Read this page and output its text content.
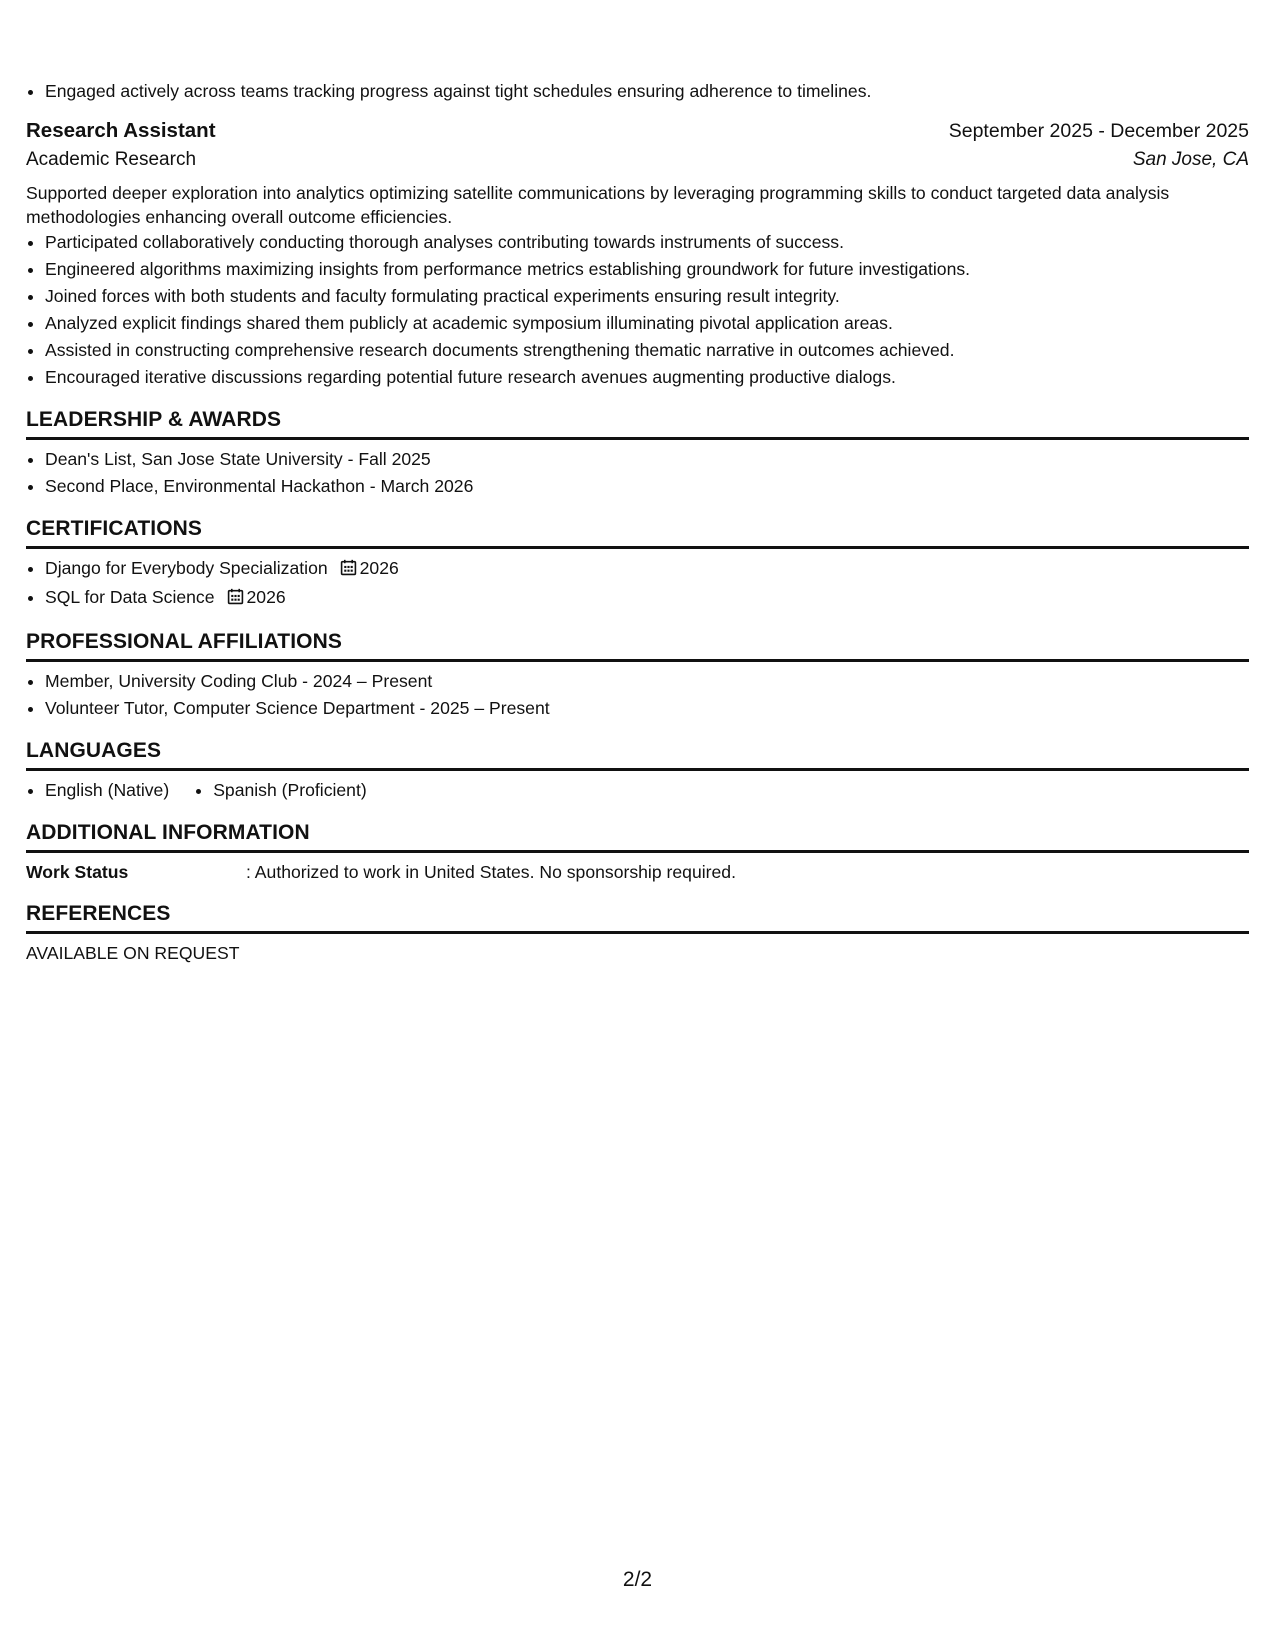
• Engaged actively across teams tracking progress against tight schedules ensuring adherence to timelines.
Research Assistant	September 2025 - December 2025
Academic Research	San Jose, CA
Supported deeper exploration into analytics optimizing satellite communications by leveraging programming skills to conduct targeted data analysis methodologies enhancing overall outcome efficiencies.
• Participated collaboratively conducting thorough analyses contributing towards instruments of success.
• Engineered algorithms maximizing insights from performance metrics establishing groundwork for future investigations.
• Joined forces with both students and faculty formulating practical experiments ensuring result integrity.
• Analyzed explicit findings shared them publicly at academic symposium illuminating pivotal application areas.
• Assisted in constructing comprehensive research documents strengthening thematic narrative in outcomes achieved.
• Encouraged iterative discussions regarding potential future research avenues augmenting productive dialogs.
LEADERSHIP & AWARDS
• Dean's List, San Jose State University - Fall 2025
• Second Place, Environmental Hackathon - March 2026
CERTIFICATIONS
• Django for Everybody Specialization 2026
• SQL for Data Science 2026
PROFESSIONAL AFFILIATIONS
• Member, University Coding Club - 2024 – Present
• Volunteer Tutor, Computer Science Department - 2025 – Present
LANGUAGES
• English (Native)
•	Spanish (Proficient)
ADDITIONAL INFORMATION
Work Status	: Authorized to work in United States. No sponsorship required.
REFERENCES
AVAILABLE ON REQUEST
2/2
